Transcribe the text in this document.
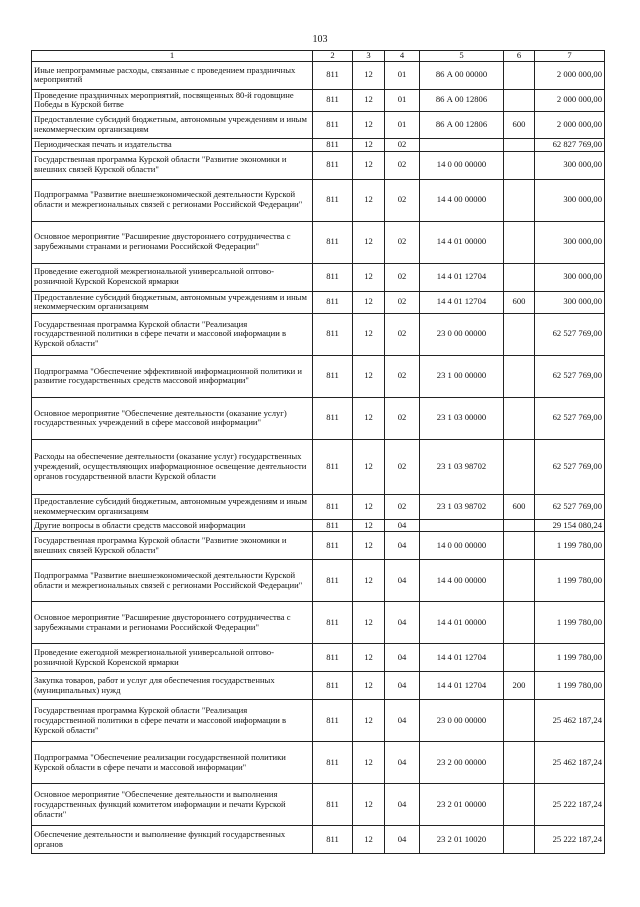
103
1	2	3	4	5	6	7
Иные непрограммные расходы, связанные с проведением праздничных мероприятий	811	12	01	86 А 00 00000		2 000 000,00
Проведение праздничных мероприятий, посвященных 80-й годовщине Победы в Курской битве	811	12	01	86 А 00 12806		2 000 000,00
Предоставление субсидий бюджетным, автономным учреждениям и иным некоммерческим организациям	811	12	01	86 А 00 12806	600	2 000 000,00
Периодическая печать и издательства	811	12	02			62 827 769,00
Государственная программа Курской области "Развитие экономики и внешних связей Курской области"	811	12	02	14 0 00 00000		300 000,00
Подпрограмма "Развитие внешнеэкономической деятельности Курской области и межрегиональных связей с регионами Российской Федерации"	811	12	02	14 4 00 00000		300 000,00
Основное мероприятие "Расширение двустороннего сотрудничества с зарубежными странами и регионами Российской Федерации"	811	12	02	14 4 01 00000		300 000,00
Проведение ежегодной межрегиональной универсальной оптово-розничной Курской Коренской ярмарки	811	12	02	14 4 01 12704		300 000,00
Предоставление субсидий бюджетным, автономным учреждениям и иным некоммерческим организациям	811	12	02	14 4 01 12704	600	300 000,00
Государственная программа Курской области "Реализация государственной политики в сфере печати и массовой информации в Курской области"	811	12	02	23 0 00 00000		62 527 769,00
Подпрограмма "Обеспечение эффективной информационной политики и развитие государственных средств массовой информации"	811	12	02	23 1 00 00000		62 527 769,00
Основное мероприятие "Обеспечение деятельности (оказание услуг) государственных учреждений в сфере массовой информации"	811	12	02	23 1 03 00000		62 527 769,00
Расходы на обеспечение деятельности (оказание услуг) государственных учреждений, осуществляющих информационное освещение деятельности органов государственной власти Курской области	811	12	02	23 1 03 98702		62 527 769,00
Предоставление субсидий бюджетным, автономным учреждениям и иным некоммерческим организациям	811	12	02	23 1 03 98702	600	62 527 769,00
Другие вопросы в области средств массовой информации	811	12	04			29 154 080,24
Государственная программа Курской области "Развитие экономики и внешних связей Курской области"	811	12	04	14 0 00 00000		1 199 780,00
Подпрограмма "Развитие внешнеэкономической деятельности Курской области и межрегиональных связей с регионами Российской Федерации"	811	12	04	14 4 00 00000		1 199 780,00
Основное мероприятие "Расширение двустороннего сотрудничества с зарубежными странами и регионами Российской Федерации"	811	12	04	14 4 01 00000		1 199 780,00
Проведение ежегодной межрегиональной универсальной оптово-розничной Курской Коренской ярмарки	811	12	04	14 4 01 12704		1 199 780,00
Закупка товаров, работ и услуг для обеспечения государственных (муниципальных) нужд	811	12	04	14 4 01 12704	200	1 199 780,00
Государственная программа Курской области "Реализация государственной политики в сфере печати и массовой информации в Курской области"	811	12	04	23 0 00 00000		25 462 187,24
Подпрограмма "Обеспечение реализации государственной политики Курской области в сфере печати и массовой информации"	811	12	04	23 2 00 00000		25 462 187,24
Основное мероприятие "Обеспечение деятельности и выполнения государственных функций комитетом информации и печати Курской области"	811	12	04	23 2 01 00000		25 222 187,24
Обеспечение деятельности и выполнение функций государственных органов	811	12	04	23 2 01 10020		25 222 187,24
